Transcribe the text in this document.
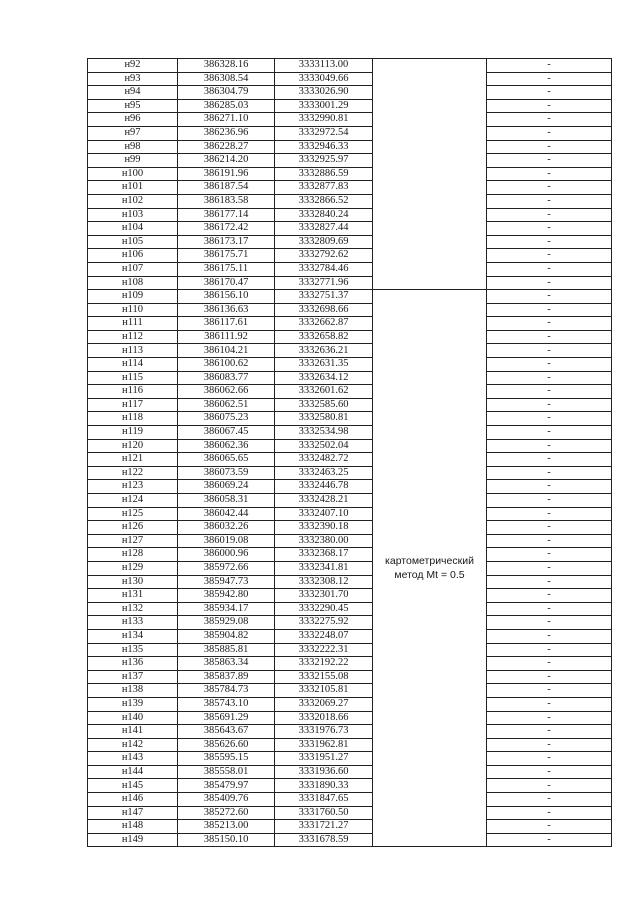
н92	386328.16	3333113.00		-
н93	386308.54	3333049.66		-
н94	386304.79	3333026.90		-
н95	386285.03	3333001.29		-
н96	386271.10	3332990.81		-
н97	386236.96	3332972.54		-
н98	386228.27	3332946.33		-
н99	386214.20	3332925.97		-
н100	386191.96	3332886.59		-
н101	386187.54	3332877.83		-
н102	386183.58	3332866.52		-
н103	386177.14	3332840.24		-
н104	386172.42	3332827.44		-
н105	386173.17	3332809.69		-
н106	386175.71	3332792.62		-
н107	386175.11	3332784.46		-
н108	386170.47	3332771.96		-
н109	386156.10	3332751.37	картометрический метод Mt = 0.5	-
н110	386136.63	3332698.66		-
н111	386117.61	3332662.87		-
н112	386111.92	3332658.82		-
н113	386104.21	3332636.21		-
н114	386100.62	3332631.35		-
н115	386083.77	3332634.12		-
н116	386062.66	3332601.62		-
н117	386062.51	3332585.60		-
н118	386075.23	3332580.81		-
н119	386067.45	3332534.98		-
н120	386062.36	3332502.04		-
н121	386065.65	3332482.72		-
н122	386073.59	3332463.25		-
н123	386069.24	3332446.78		-
н124	386058.31	3332428.21		-
н125	386042.44	3332407.10		-
н126	386032.26	3332390.18		-
н127	386019.08	3332380.00		-
н128	386000.96	3332368.17		-
н129	385972.66	3332341.81		-
н130	385947.73	3332308.12		-
н131	385942.80	3332301.70		-
н132	385934.17	3332290.45		-
н133	385929.08	3332275.92		-
н134	385904.82	3332248.07		-
н135	385885.81	3332222.31		-
н136	385863.34	3332192.22		-
н137	385837.89	3332155.08		-
н138	385784.73	3332105.81		-
н139	385743.10	3332069.27		-
н140	385691.29	3332018.66		-
н141	385643.67	3331976.73		-
н142	385626.60	3331962.81		-
н143	385595.15	3331951.27		-
н144	385558.01	3331936.60		-
н145	385479.97	3331890.33		-
н146	385409.76	3331847.65		-
н147	385272.60	3331760.50		-
н148	385213.00	3331721.27		-
н149	385150.10	3331678.59		-
